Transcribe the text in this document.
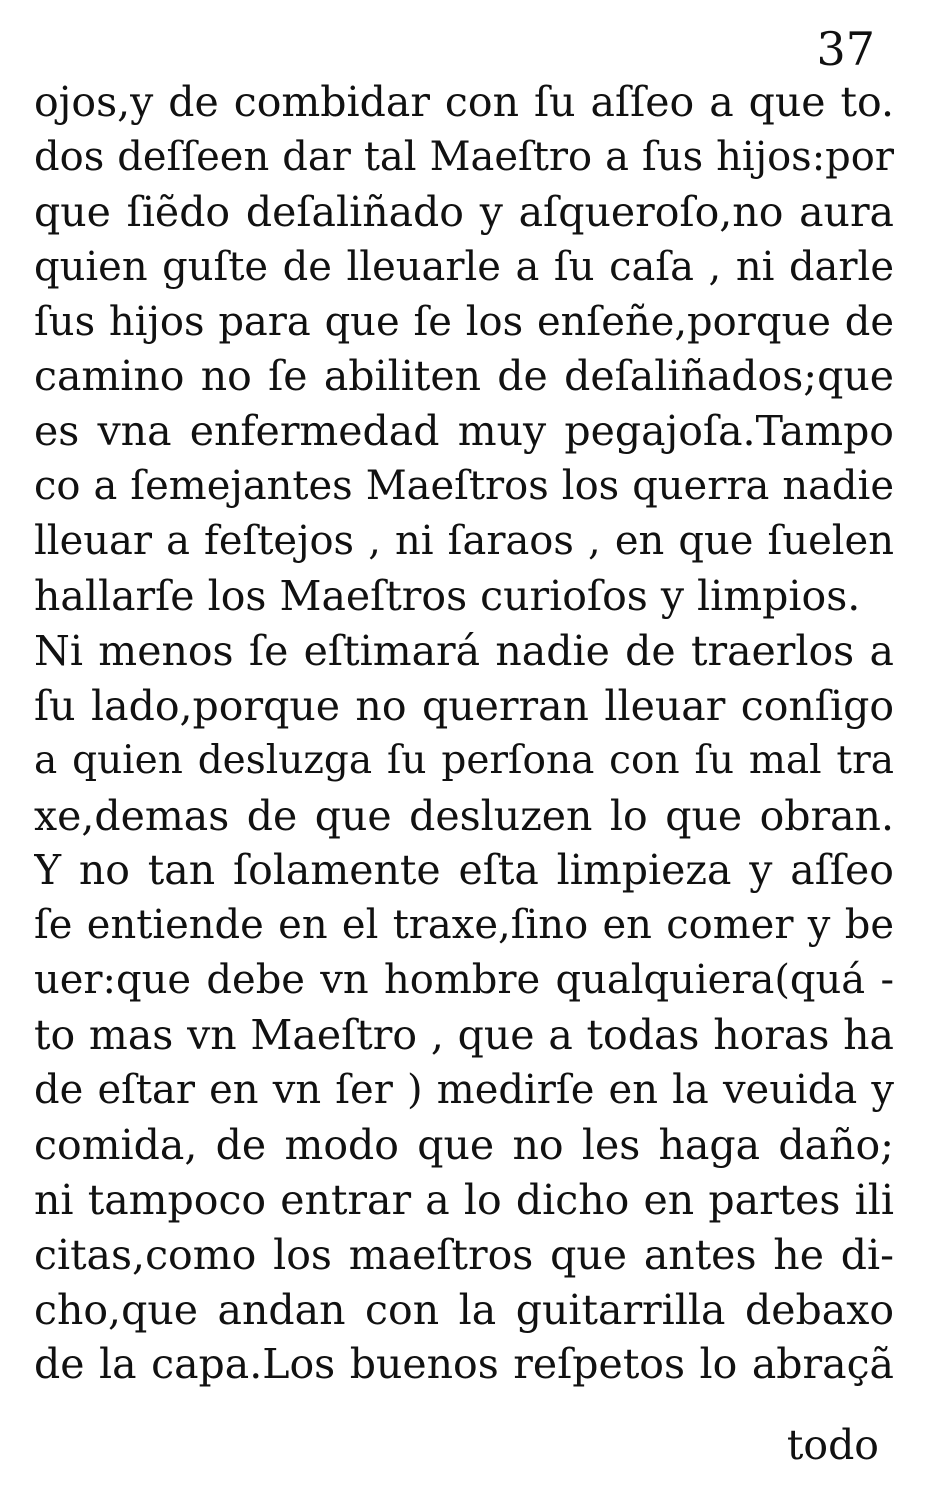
37
ojos,y de combidar con ſu aſſeo a que to.
dos deſſeen dar tal Maeſtro a ſus hijos:por
que ſiẽdo deſaliñado y aſqueroſo,no aura
quien guſte de lleuarle a ſu caſa , ni darle
ſus hijos para que ſe los enſeñe,porque de
camino no ſe abiliten de deſaliñados;que
es vna enfermedad muy pegajoſa.Tampo
co a ſemejantes Maeſtros los querra nadie
lleuar a feſtejos , ni ſaraos , en que ſuelen
hallarſe los Maeſtros curioſos y limpios.
Ni menos ſe eſtimará nadie de traerlos a
ſu lado,porque no querran lleuar conſigo
a quien desluzga ſu perſona con ſu mal tra
xe,demas de que desluzen lo que obran.
Y no tan ſolamente eſta limpieza y aſſeo
ſe entiende en el traxe,ſino en comer y be
uer:que debe vn hombre qualquiera(quá -
to mas vn Maeſtro , que a todas horas ha
de eſtar en vn ſer ) medirſe en la veuida y
comida, de modo que no les haga daño;
ni tampoco entrar a lo dicho en partes ili
citas,como los maeſtros que antes he di-
cho,que andan con la guitarrilla debaxo
de la capa.Los buenos reſpetos lo abraçã
todo
